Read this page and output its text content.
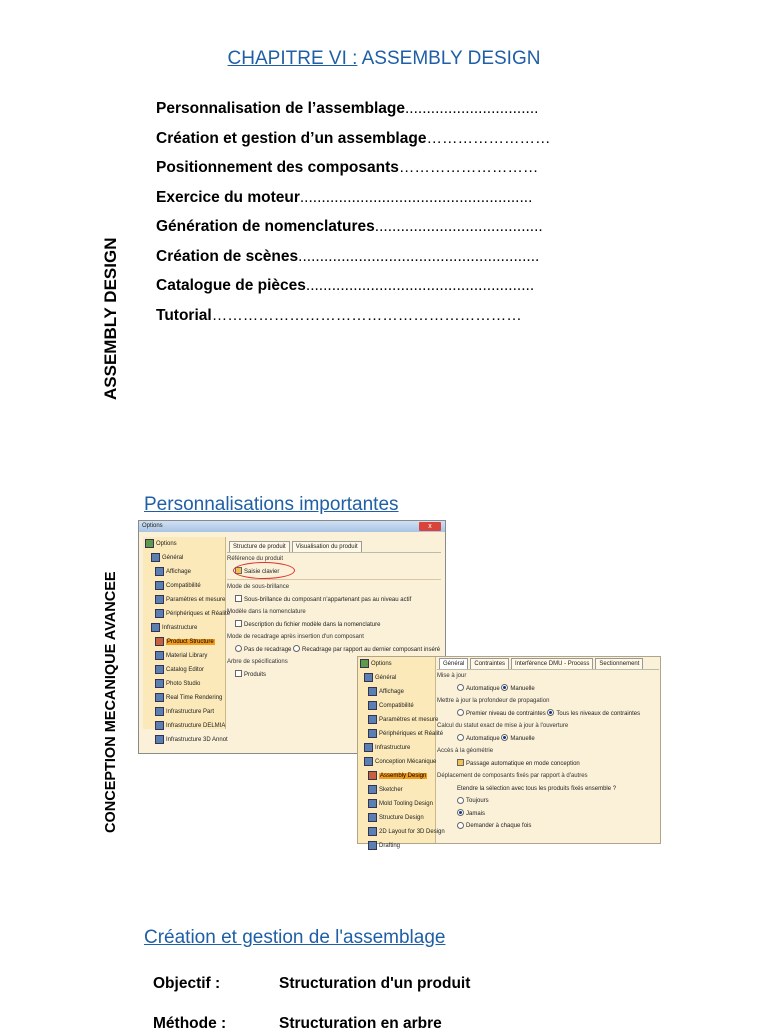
CHAPITRE VI : ASSEMBLY DESIGN
Personnalisation de l’assemblage...............................
Création et gestion d’un assemblage……………………
Positionnement des composants………………………
Exercice du moteur......................................................
Génération de nomenclatures.......................................
Création de scènes........................................................
Catalogue de pièces.....................................................
Tutorial……………………………………………………
ASSEMBLY DESIGN
CONCEPTION MECANIQUE AVANCEE
Personnalisations importantes
Options	x
Options
Général
Affichage
Compatibilité
Paramètres et mesure
Périphériques et Réalité
Infrastructure
Product Structure
Material Library
Catalog Editor
Photo Studio
Real Time Rendering
Infrastructure Part
Infrastructure DELMIA
Infrastructure 3D Annot
Structure de produit Visualisation du produit
Référence du produit
Saisie clavier
Mode de sous-brillance
Sous-brillance du composant n'appartenant pas au niveau actif
Modèle dans la nomenclature
Description du fichier modèle dans la nomenclature
Mode de recadrage après insertion d'un composant
Pas de recadrage Recadrage par rapport au dernier composant inséré
Arbre de spécifications
Produits
Options
Général
Affichage
Compatibilité
Paramètres et mesure
Périphériques et Réalité
Infrastructure
Conception Mécanique
Assembly Design
Sketcher
Mold Tooling Design
Structure Design
2D Layout for 3D Design
Drafting
Général Contraintes Interférence DMU - Process Sectionnement
Mise à jour
Automatique Manuelle
Mettre à jour la profondeur de propagation
Premier niveau de contraintes Tous les niveaux de contraintes
Calcul du statut exact de mise à jour à l'ouverture
Automatique Manuelle
Accès à la géométrie
Passage automatique en mode conception
Déplacement de composants fixés par rapport à d'autres
Etendre la sélection avec tous les produits fixés ensemble ?
Toujours
Jamais
Demander à chaque fois
Création et gestion de l'assemblage
Objectif :	Structuration d'un produit
Méthode :	Structuration en arbre
